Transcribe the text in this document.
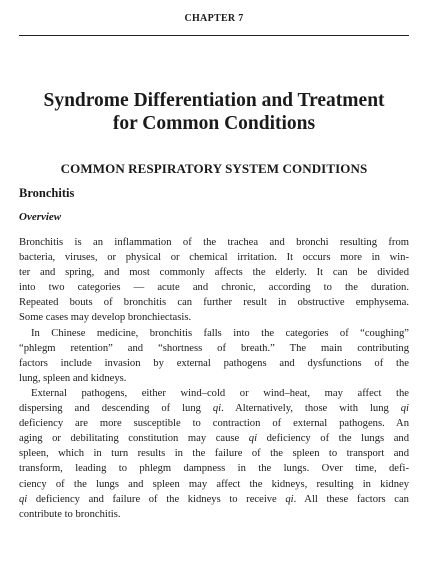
CHAPTER 7
Syndrome Differentiation and Treatment
for Common Conditions
COMMON RESPIRATORY SYSTEM CONDITIONS
Bronchitis
Overview
Bronchitis is an inflammation of the trachea and bronchi resulting from
bacteria, viruses, or physical or chemical irritation. It occurs more in win-
ter and spring, and most commonly affects the elderly. It can be divided
into two categories — acute and chronic, according to the duration.
Repeated bouts of bronchitis can further result in obstructive emphysema.
Some cases may develop bronchiectasis.
In Chinese medicine, bronchitis falls into the categories of “coughing”
“phlegm retention” and “shortness of breath.” The main contributing
factors include invasion by external pathogens and dysfunctions of the
lung, spleen and kidneys.
External pathogens, either wind–cold or wind–heat, may affect the
dispersing and descending of lung qi. Alternatively, those with lung qi
deficiency are more susceptible to contraction of external pathogens. An
aging or debilitating constitution may cause qi deficiency of the lungs and
spleen, which in turn results in the failure of the spleen to transport and
transform, leading to phlegm dampness in the lungs. Over time, defi-
ciency of the lungs and spleen may affect the kidneys, resulting in kidney
qi deficiency and failure of the kidneys to receive qi. All these factors can
contribute to bronchitis.
